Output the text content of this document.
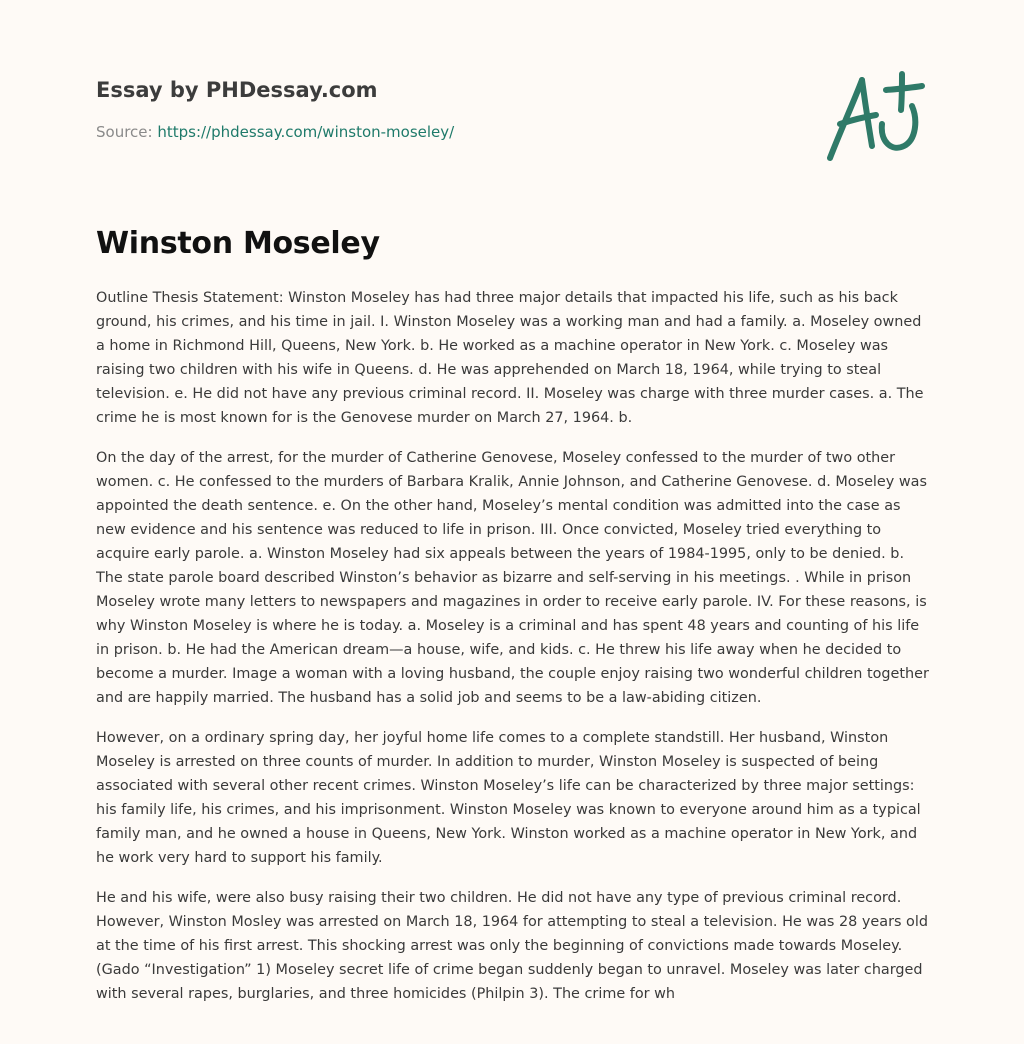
Essay by PHDessay.com
Source: https://phdessay.com/winston-moseley/
Winston Moseley

Outline Thesis Statement: Winston Moseley has had three major details that impacted his life, such as his back ground, his crimes, and his time in jail. I. Winston Moseley was a working man and had a family. a. Moseley owned a home in Richmond Hill, Queens, New York. b. He worked as a machine operator in New York. c. Moseley was raising two children with his wife in Queens. d. He was apprehended on March 18, 1964, while trying to steal television. e. He did not have any previous criminal record. II. Moseley was charge with three murder cases. a. The crime he is most known for is the Genovese murder on March 27, 1964. b.

On the day of the arrest, for the murder of Catherine Genovese, Moseley confessed to the murder of two other women. c. He confessed to the murders of Barbara Kralik, Annie Johnson, and Catherine Genovese. d. Moseley was appointed the death sentence. e. On the other hand, Moseley’s mental condition was admitted into the case as new evidence and his sentence was reduced to life in prison. III. Once convicted, Moseley tried everything to acquire early parole. a. Winston Moseley had six appeals between the years of 1984-1995, only to be denied. b. The state parole board described Winston’s behavior as bizarre and self-serving in his meetings. . While in prison Moseley wrote many letters to newspapers and magazines in order to receive early parole. IV. For these reasons, is why Winston Moseley is where he is today. a. Moseley is a criminal and has spent 48 years and counting of his life in prison. b. He had the American dream—a house, wife, and kids. c. He threw his life away when he decided to become a murder. Image a woman with a loving husband, the couple enjoy raising two wonderful children together and are happily married. The husband has a solid job and seems to be a law-abiding citizen.

However, on a ordinary spring day, her joyful home life comes to a complete standstill. Her husband, Winston Moseley is arrested on three counts of murder. In addition to murder, Winston Moseley is suspected of being associated with several other recent crimes. Winston Moseley’s life can be characterized by three major settings: his family life, his crimes, and his imprisonment. Winston Moseley was known to everyone around him as a typical family man, and he owned a house in Queens, New York. Winston worked as a machine operator in New York, and he work very hard to support his family.

He and his wife, were also busy raising their two children. He did not have any type of previous criminal record. However, Winston Mosley was arrested on March 18, 1964 for attempting to steal a television. He was 28 years old at the time of his first arrest. This shocking arrest was only the beginning of convictions made towards Moseley. (Gado “Investigation” 1) Moseley secret life of crime began suddenly began to unravel. Moseley was later charged with several rapes, burglaries, and three homicides (Philpin 3). The crime for wh
